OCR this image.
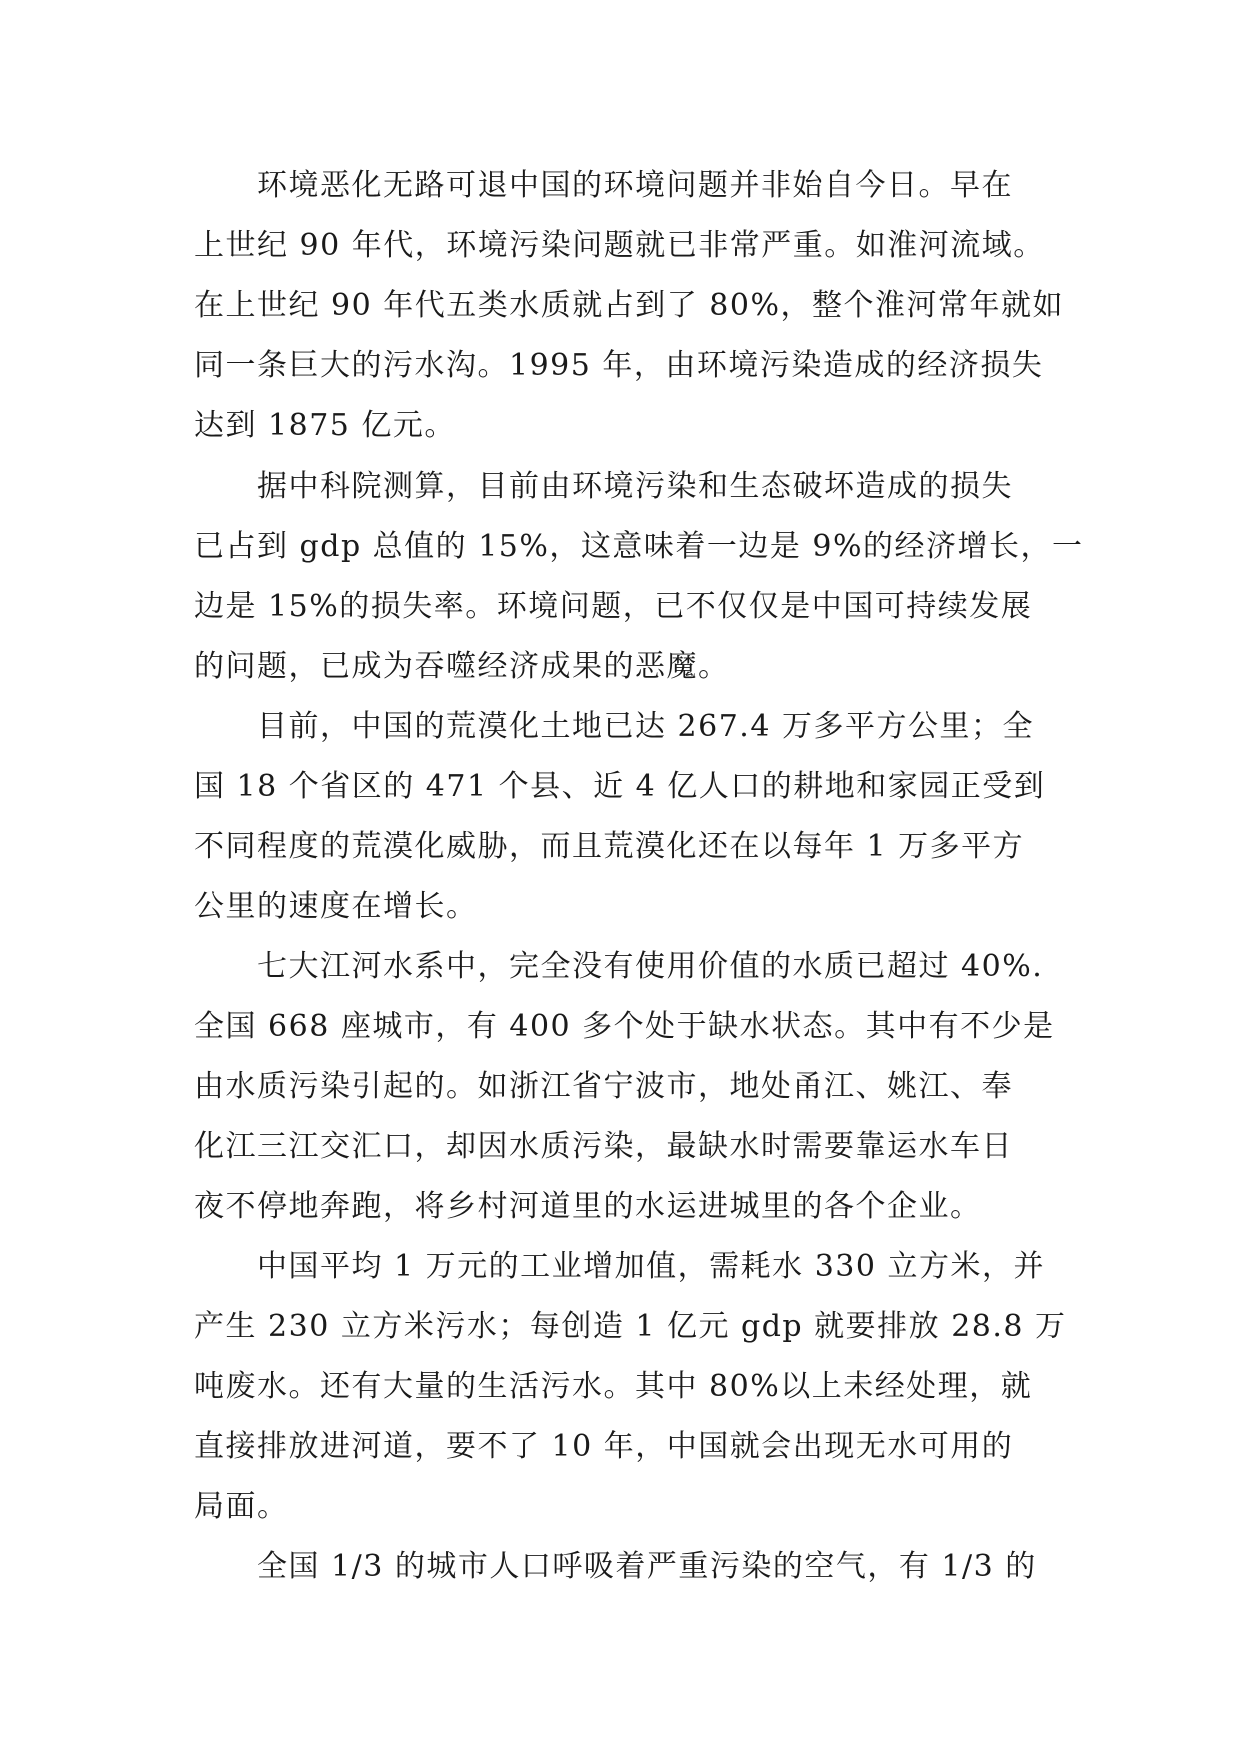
环境恶化无路可退中国的环境问题并非始自今日。早在
上世纪 90 年代，环境污染问题就已非常严重。如淮河流域。
在上世纪 90 年代五类水质就占到了 80%，整个淮河常年就如
同一条巨大的污水沟。1995 年，由环境污染造成的经济损失
达到 1875 亿元。
据中科院测算，目前由环境污染和生态破坏造成的损失
已占到 gdp 总值的 15%，这意味着一边是 9%的经济增长，一
边是 15%的损失率。环境问题，已不仅仅是中国可持续发展
的问题，已成为吞噬经济成果的恶魔。
目前，中国的荒漠化土地已达 267.4 万多平方公里；全
国 18 个省区的 471 个县、近 4 亿人口的耕地和家园正受到
不同程度的荒漠化威胁，而且荒漠化还在以每年 1 万多平方
公里的速度在增长。
七大江河水系中，完全没有使用价值的水质已超过 40%.
全国 668 座城市，有 400 多个处于缺水状态。其中有不少是
由水质污染引起的。如浙江省宁波市，地处甬江、姚江、奉
化江三江交汇口，却因水质污染，最缺水时需要靠运水车日
夜不停地奔跑，将乡村河道里的水运进城里的各个企业。
中国平均 1 万元的工业增加值，需耗水 330 立方米，并
产生 230 立方米污水；每创造 1 亿元 gdp 就要排放 28.8 万
吨废水。还有大量的生活污水。其中 80%以上未经处理，就
直接排放进河道，要不了 10 年，中国就会出现无水可用的
局面。
全国 1/3 的城市人口呼吸着严重污染的空气，有 1/3 的
